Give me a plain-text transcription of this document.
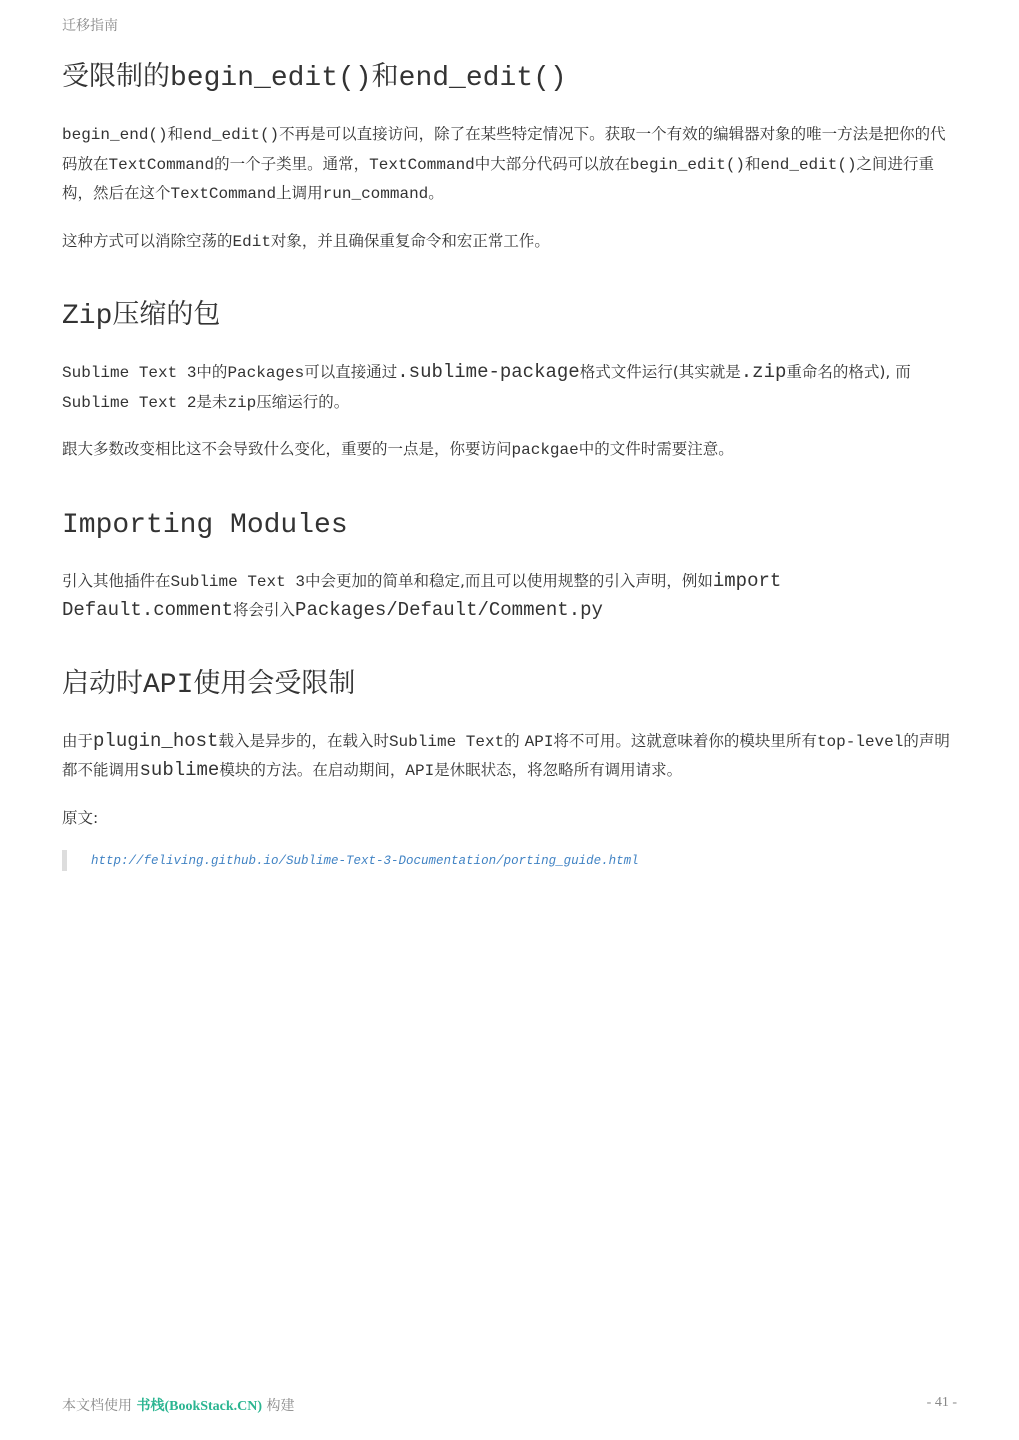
迁移指南
受限制的begin_edit()和end_edit()

begin_end()和end_edit()不再是可以直接访问，除了在某些特定情况下。获取一个有效的编辑器对象的唯一方法是把你的代码放在TextCommand的一个子类里。通常，TextCommand中大部分代码可以放在begin_edit()和end_edit()之间进行重构，然后在这个TextCommand上调用run_command。

这种方式可以消除空荡的Edit对象，并且确保重复命令和宏正常工作。

Zip压缩的包

Sublime Text 3中的Packages可以直接通过.sublime-package格式文件运行(其实就是.zip重命名的格式), 而Sublime Text 2是未zip压缩运行的。

跟大多数改变相比这不会导致什么变化，重要的一点是，你要访问packgae中的文件时需要注意。

Importing Modules

引入其他插件在Sublime Text 3中会更加的简单和稳定,而且可以使用规整的引入声明，例如import Default.comment将会引入Packages/Default/Comment.py

启动时API使用会受限制

由于plugin_host载入是异步的，在载入时Sublime Text的 API将不可用。这就意味着你的模块里所有top-level的声明都不能调用sublime模块的方法。在启动期间，API是休眠状态，将忽略所有调用请求。

原文:

http://feliving.github.io/Sublime-Text-3-Documentation/porting_guide.html
本文档使用 书栈(BookStack.CN) 构建	- 41 -
